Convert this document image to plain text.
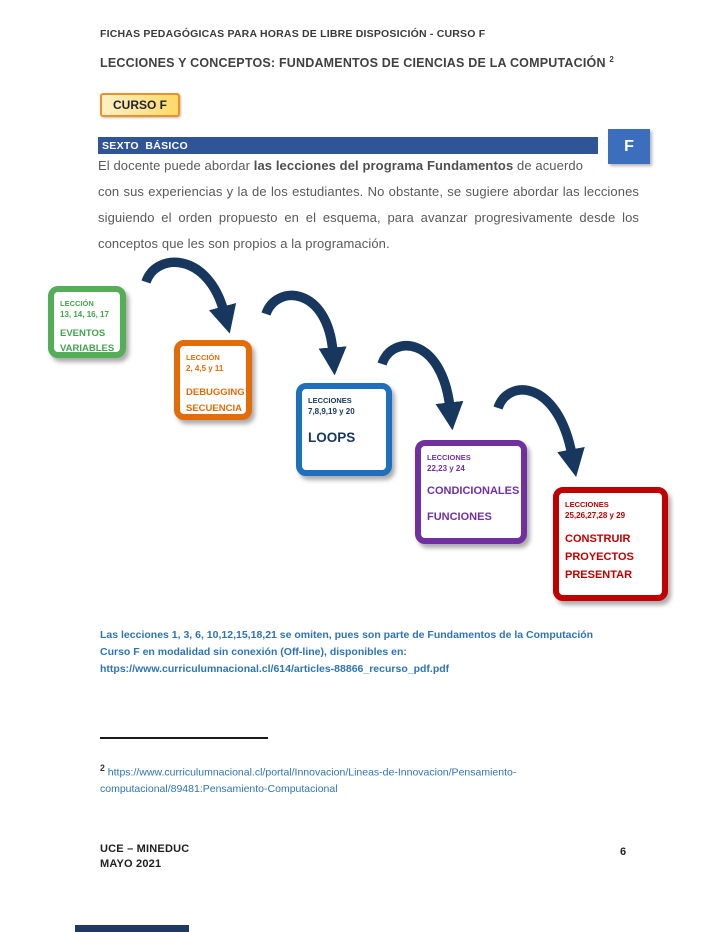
FICHAS PEDAGÓGICAS PARA HORAS DE LIBRE DISPOSICIÓN - CURSO F
LECCIONES Y CONCEPTOS: FUNDAMENTOS DE CIENCIAS DE LA COMPUTACIÓN $^2$
CURSO F
SEXTO  BÁSICO	F

El docente puede abordar las lecciones del programa Fundamentos de acuerdo
con sus experiencias y la de los estudiantes. No obstante, se sugiere abordar las lecciones siguiendo el orden propuesto en el esquema, para avanzar progresivamente desde los conceptos que les son propios a la programación.

LECCIÓN
13, 14, 16, 17
EVENTOS
VARIABLES
LECCIÓN
2, 4,5 y 11
DEBUGGING
SECUENCIA
LECCIONES
7,8,9,19 y 20
LOOPS
LECCIONES
22,23 y 24
CONDICIONALES
FUNCIONES
LECCIONES
25,26,27,28 y 29
CONSTRUIR
PROYECTOS
PRESENTAR
Las lecciones 1, 3, 6, 10,12,15,18,21 se omiten, pues son parte de Fundamentos de la Computación
Curso F en modalidad sin conexión (Off-line), disponibles en:
https://www.curriculumnacional.cl/614/articles-88866_recurso_pdf.pdf
$^2$ https://www.curriculumnacional.cl/portal/Innovacion/Lineas-de-Innovacion/Pensamiento-computacional/89481:Pensamiento-Computacional
UCE – MINEDUC
MAYO 2021
6
